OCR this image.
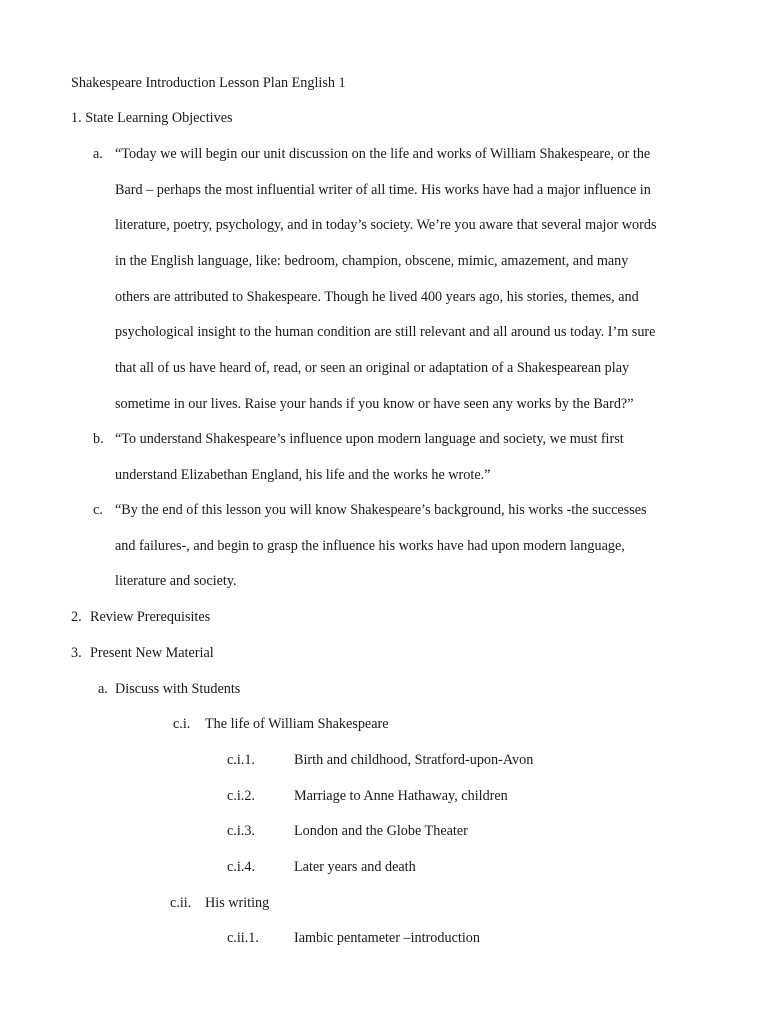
Shakespeare Introduction Lesson Plan English 1
1. State Learning Objectives
a. “Today we will begin our unit discussion on the life and works of William Shakespeare, or the
Bard – perhaps the most influential writer of all time. His works have had a major influence in
literature, poetry, psychology, and in today’s society. We’re you aware that several major words
in the English language, like: bedroom, champion, obscene, mimic, amazement, and many
others are attributed to Shakespeare. Though he lived 400 years ago, his stories, themes, and
psychological insight to the human condition are still relevant and all around us today. I’m sure
that all of us have heard of, read, or seen an original or adaptation of a Shakespearean play
sometime in our lives. Raise your hands if you know or have seen any works by the Bard?”
b. “To understand Shakespeare’s influence upon modern language and society, we must first
understand Elizabethan England, his life and the works he wrote.”
c. “By the end of this lesson you will know Shakespeare’s background, his works -the successes
and failures-, and begin to grasp the influence his works have had upon modern language,
literature and society.
2. Review Prerequisites
3. Present New Material
a. Discuss with Students
c.i. The life of William Shakespeare
c.i.1.	Birth and childhood, Stratford-upon-Avon
c.i.2.	Marriage to Anne Hathaway, children
c.i.3.	London and the Globe Theater
c.i.4.	Later years and death
c.ii. His writing
c.ii.1. Iambic pentameter –introduction
